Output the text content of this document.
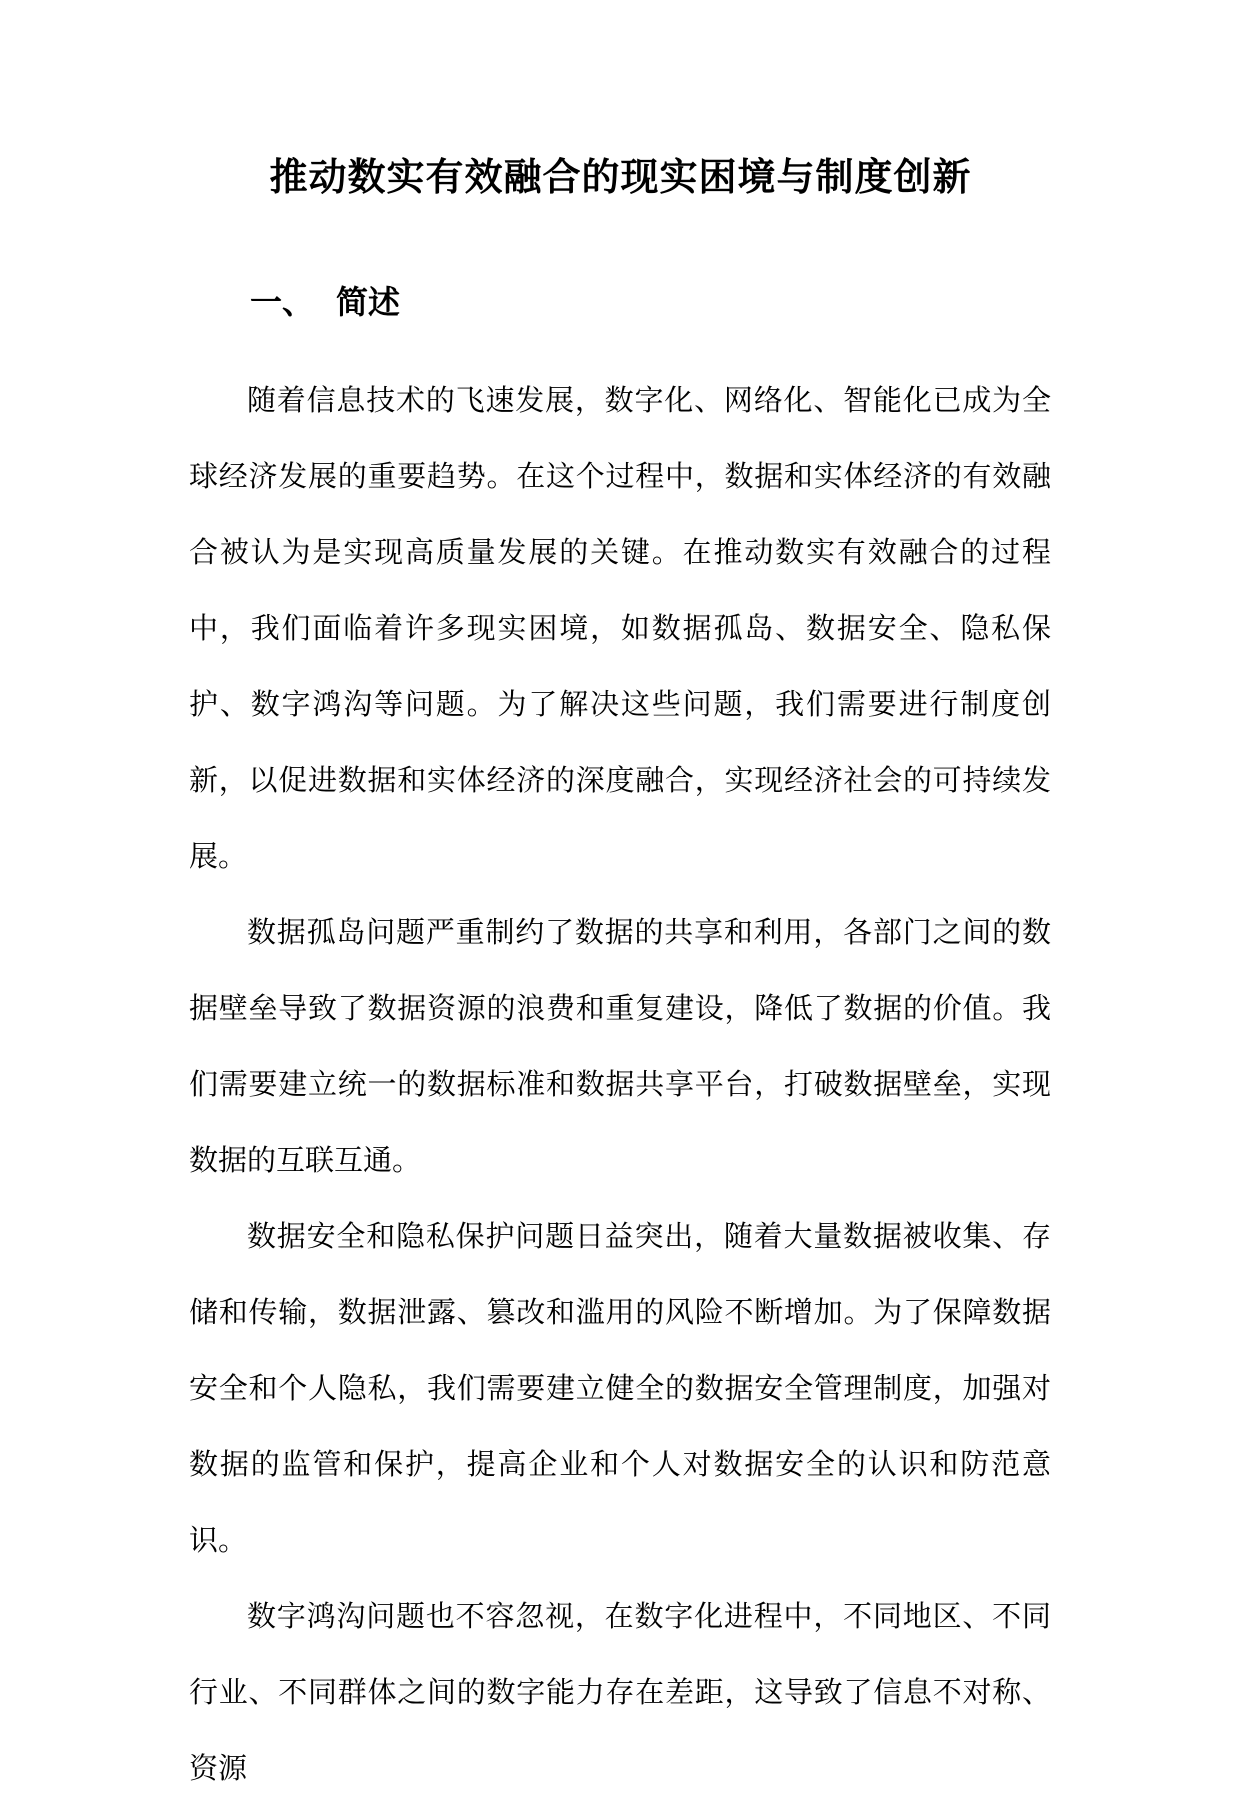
推动数实有效融合的现实困境与制度创新
一、 简述

随着信息技术的飞速发展，数字化、网络化、智能化已成为全球经济发展的重要趋势。在这个过程中，数据和实体经济的有效融合被认为是实现高质量发展的关键。在推动数实有效融合的过程中，我们面临着许多现实困境，如数据孤岛、数据安全、隐私保护、数字鸿沟等问题。为了解决这些问题，我们需要进行制度创新，以促进数据和实体经济的深度融合，实现经济社会的可持续发展。

数据孤岛问题严重制约了数据的共享和利用，各部门之间的数据壁垒导致了数据资源的浪费和重复建设，降低了数据的价值。我们需要建立统一的数据标准和数据共享平台，打破数据壁垒，实现数据的互联互通。

数据安全和隐私保护问题日益突出，随着大量数据被收集、存储和传输，数据泄露、篡改和滥用的风险不断增加。为了保障数据安全和个人隐私，我们需要建立健全的数据安全管理制度，加强对数据的监管和保护，提高企业和个人对数据安全的认识和防范意识。

数字鸿沟问题也不容忽视，在数字化进程中，不同地区、不同行业、不同群体之间的数字能力存在差距，这导致了信息不对称、资源
